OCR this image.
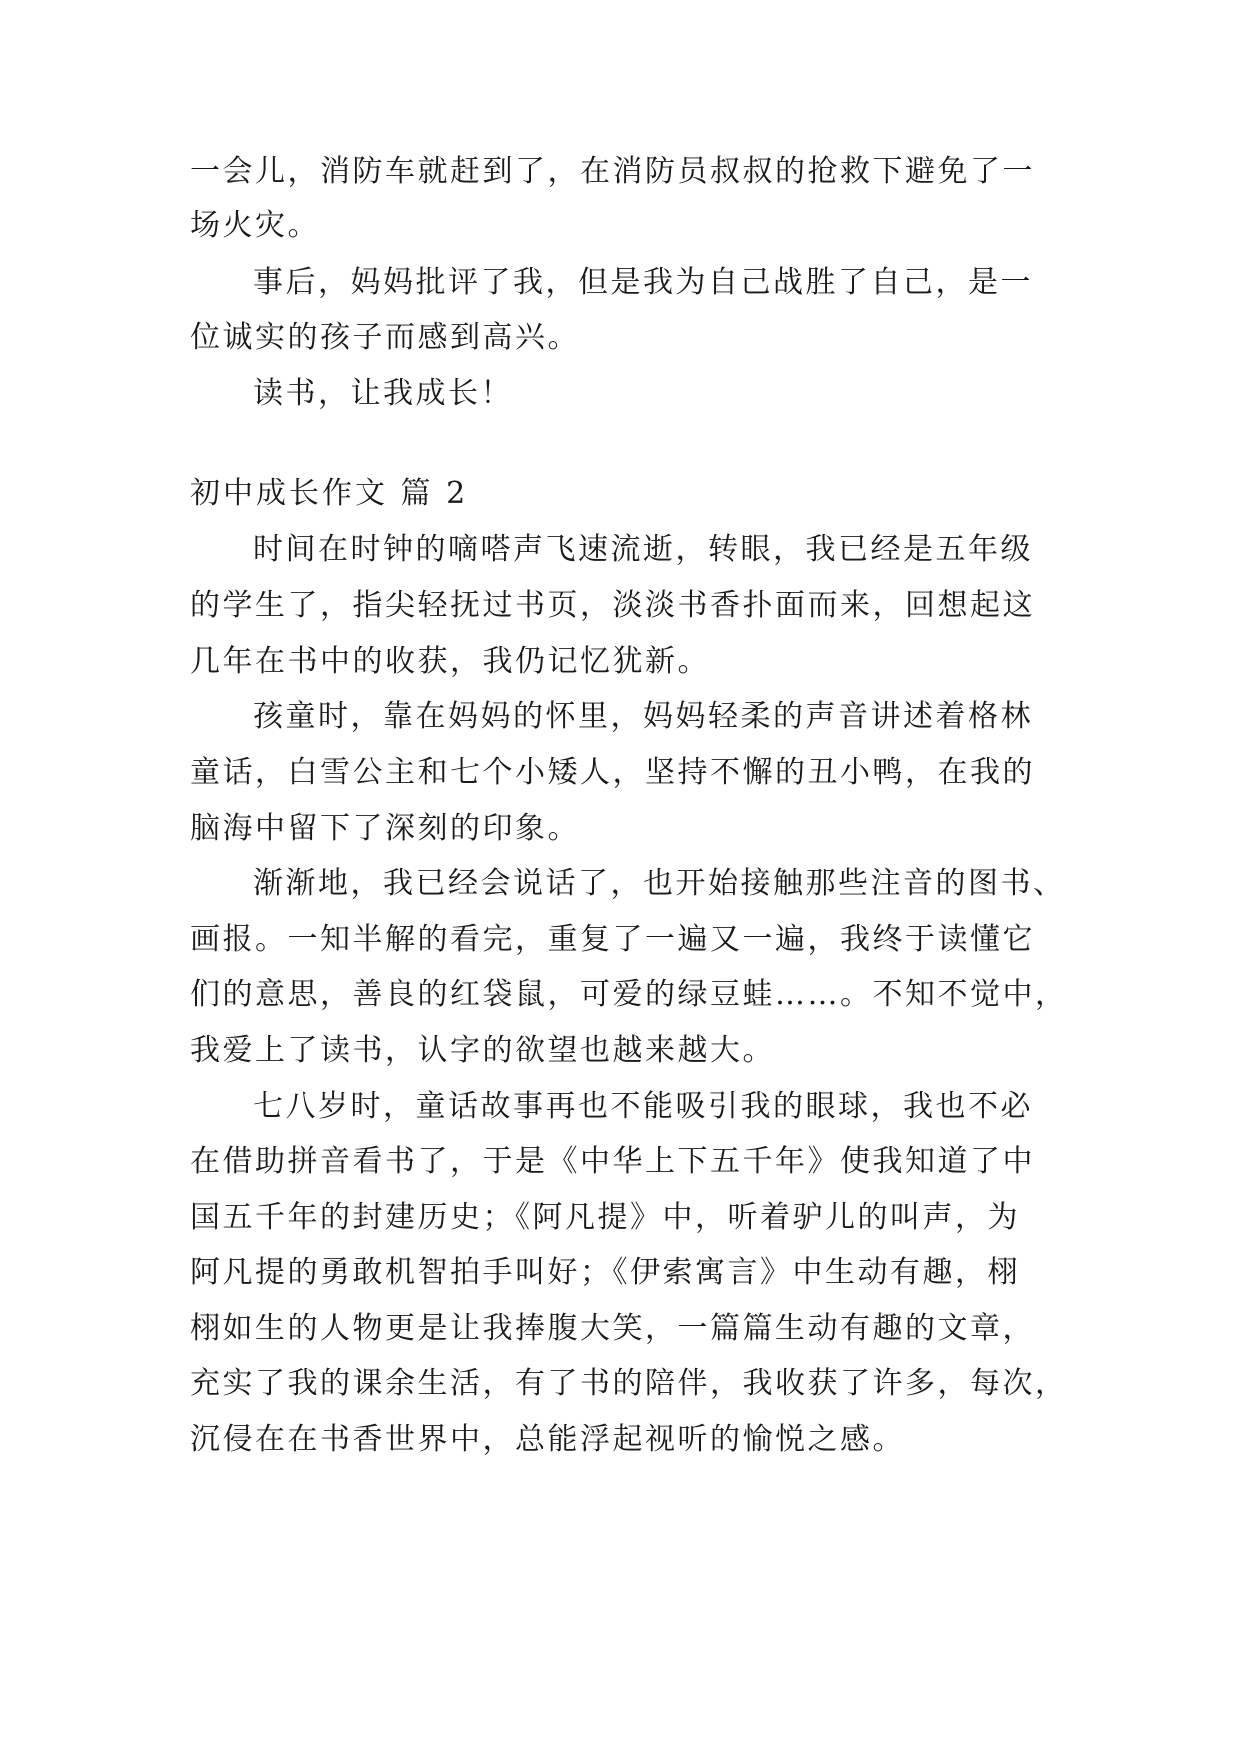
一会儿，消防车就赶到了，在消防员叔叔的抢救下避免了一
场火灾。
事后，妈妈批评了我，但是我为自己战胜了自己，是一
位诚实的孩子而感到高兴。
读书，让我成长！
初中成长作文 篇 2
时间在时钟的嘀嗒声飞速流逝，转眼，我已经是五年级
的学生了，指尖轻抚过书页，淡淡书香扑面而来，回想起这
几年在书中的收获，我仍记忆犹新。
孩童时，靠在妈妈的怀里，妈妈轻柔的声音讲述着格林
童话，白雪公主和七个小矮人，坚持不懈的丑小鸭，在我的
脑海中留下了深刻的印象。
渐渐地，我已经会说话了，也开始接触那些注音的图书、
画报。一知半解的看完，重复了一遍又一遍，我终于读懂它
们的意思，善良的红袋鼠，可爱的绿豆蛙……。不知不觉中，
我爱上了读书，认字的欲望也越来越大。
七八岁时，童话故事再也不能吸引我的眼球，我也不必
在借助拼音看书了，于是《中华上下五千年》使我知道了中
国五千年的封建历史；《阿凡提》中，听着驴儿的叫声，为
阿凡提的勇敢机智拍手叫好；《伊索寓言》中生动有趣，栩
栩如生的人物更是让我捧腹大笑，一篇篇生动有趣的文章，
充实了我的课余生活，有了书的陪伴，我收获了许多，每次，
沉侵在在书香世界中，总能浮起视听的愉悦之感。
